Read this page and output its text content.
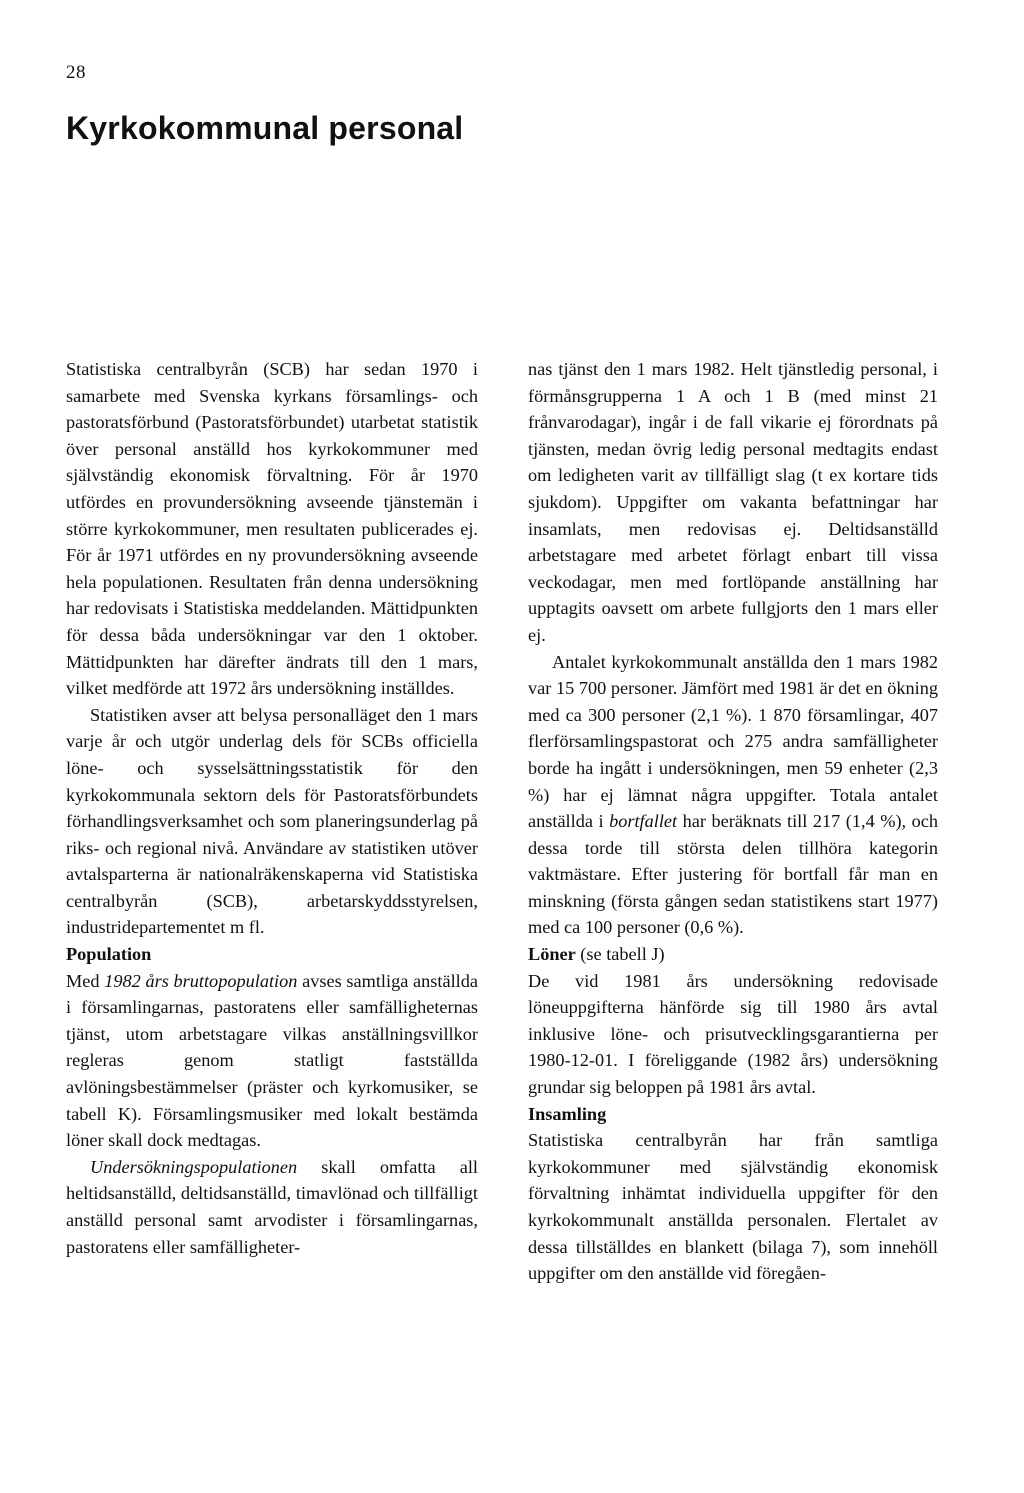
28
Kyrkokommunal personal

Statistiska centralbyrån (SCB) har sedan 1970 i samarbete med Svenska kyrkans församlings- och pastoratsförbund (Pastoratsförbundet) utarbetat statistik över personal anställd hos kyrkokommuner med självständig ekonomisk förvaltning. För år 1970 utfördes en provundersökning avseende tjänstemän i större kyrkokommuner, men resultaten publicerades ej. För år 1971 utfördes en ny provundersökning avseende hela populationen. Resultaten från denna undersökning har redovisats i Statistiska meddelanden. Mättidpunkten för dessa båda undersökningar var den 1 oktober. Mättidpunkten har därefter ändrats till den 1 mars, vilket medförde att 1972 års undersökning inställdes.

Statistiken avser att belysa personalläget den 1 mars varje år och utgör underlag dels för SCBs officiella löne- och sysselsättningsstatistik för den kyrkokommunala sektorn dels för Pastoratsförbundets förhandlingsverksamhet och som planeringsunderlag på riks- och regional nivå. Användare av statistiken utöver avtalsparterna är nationalräkenskaperna vid Statistiska centralbyrån (SCB), arbetarskyddsstyrelsen, industridepartementet m fl.

Population

Med 1982 års bruttopopulation avses samtliga anställda i församlingarnas, pastoratens eller samfälligheternas tjänst, utom arbetstagare vilkas anställningsvillkor regleras genom statligt fastställda avlöningsbestämmelser (präster och kyrkomusiker, se tabell K). Församlingsmusiker med lokalt bestämda löner skall dock medtagas.

Undersökningspopulationen skall omfatta all heltidsanställd, deltidsanställd, timavlönad och tillfälligt anställd personal samt arvodister i församlingarnas, pastoratens eller samfälligheter-

nas tjänst den 1 mars 1982. Helt tjänstledig personal, i förmånsgrupperna 1 A och 1 B (med minst 21 frånvarodagar), ingår i de fall vikarie ej förordnats på tjänsten, medan övrig ledig personal medtagits endast om ledigheten varit av tillfälligt slag (t ex kortare tids sjukdom). Uppgifter om vakanta befattningar har insamlats, men redovisas ej. Deltidsanställd arbetstagare med arbetet förlagt enbart till vissa veckodagar, men med fortlöpande anställning har upptagits oavsett om arbete fullgjorts den 1 mars eller ej.

Antalet kyrkokommunalt anställda den 1 mars 1982 var 15 700 personer. Jämfört med 1981 är det en ökning med ca 300 personer (2,1 %). 1 870 församlingar, 407 flerförsamlingspastorat och 275 andra samfälligheter borde ha ingått i undersökningen, men 59 enheter (2,3 %) har ej lämnat några uppgifter. Totala antalet anställda i bortfallet har beräknats till 217 (1,4 %), och dessa torde till största delen tillhöra kategorin vaktmästare. Efter justering för bortfall får man en minskning (första gången sedan statistikens start 1977) med ca 100 personer (0,6 %).

Löner (se tabell J)

De vid 1981 års undersökning redovisade löneuppgifterna hänförde sig till 1980 års avtal inklusive löne- och prisutvecklingsgarantierna per 1980-12-01. I föreliggande (1982 års) undersökning grundar sig beloppen på 1981 års avtal.

Insamling

Statistiska centralbyrån har från samtliga kyrkokommuner med självständig ekonomisk förvaltning inhämtat individuella uppgifter för den kyrkokommunalt anställda personalen. Flertalet av dessa tillställdes en blankett (bilaga 7), som innehöll uppgifter om den anställde vid föregåen-
